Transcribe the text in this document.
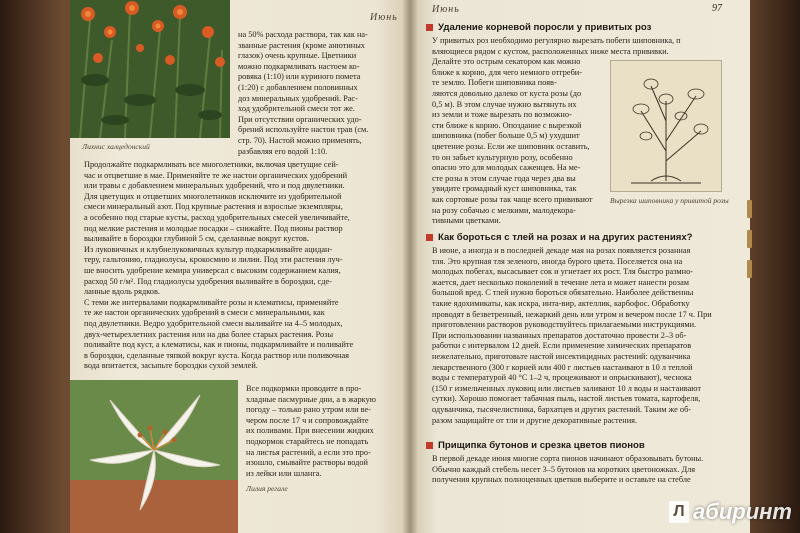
Лихнис халцедонский
Июнь
на 50% расхода раствора, так как на-
званные растения (кроме анютиных
глазок) очень крупные. Цветники
можно подкармливать настоем ко-
ровяка (1:10) или куриного помета
(1:20) с добавлением половинных
доз минеральных удобрений. Рас-
ход удобрительной смеси тот же.
При отсутствии органических удо-
брений используйте настои трав (см.
стр. 70). Настой можно применять,
разбавляя его водой 1:10.
Продолжайте подкармливать все многолетники, включая цветущие сей-
час и отцветшие в мае. Применяйте те же настои органических удобрений
или травы с добавлением минеральных удобрений, что и под двулетники.
Для цветущих и отцветших многолетников исключите из удобрительной
смеси минеральный азот. Под крупные растения и взрослые экземпляры,
а особенно под старые кусты, расход удобрительных смесей увеличивайте,
под мелкие растения и молодые посадки – снижайте. Под пионы раствор
выливайте в бороздки глубиной 5 см, сделанные вокруг кустов.
Из луковичных и клубнелуковичных культур подкармливайте ацидан-
теру, гальтонию, гладиолусы, крокосмию и лилии. Под эти растения луч-
ше вносить удобрение кемира универсал с высоким содержанием калия,
расход 50 г/м². Под гладиолусы удобрения выливайте в бороздки, сде-
ланные вдоль рядков.
С теми же интервалами подкармливайте розы и клематисы, применяйте
те же настои органических удобрений в смеси с минеральными, как
под двулетники. Ведро удобрительной смеси выливайте на 4–5 молодых,
двух-четырехлетних растения или на два более старых растения. Розы
поливайте под куст, а клематисы, как и пионы, подкармливайте и поливайте
в бороздки, сделанные тяпкой вокруг куста. Когда раствор или поливочная
вода впитается, засыпьте бороздки сухой землей.
Все подкормки проводите в про-
хладные пасмурные дни, а в жаркую
погоду – только рано утром или ве-
чером после 17 ч и сопровождайте
их поливами. При внесении жидких
подкормок старайтесь не попадать
на листья растений, а если это про-
изошло, смывайте растворы водой
из лейки или шланга.
Лилия регале
Июнь	97
Удаление корневой поросли у привитых роз
У привитых роз необходимо регулярно вырезать побеги шиповника, п
вляющиеся рядом с кустом, расположенных ниже места прививки.
Делайте это острым секатором как можно
ближе к корню, для чего немного отгреби-
те землю. Побеги шиповника появ-
ляются довольно далеко от куста розы (до
0,5 м). В этом случае нужно вытянуть их
из земли и тоже вырезать по возможно-
сти ближе к корню. Опоздание с вырезкой
шиповника (побег больше 0,5 м) ухудшит
цветение розы. Если же шиповник оставить,
то он забьет культурную розу, особенно
опасно это для молодых саженцев. На ме-
сте розы в этом случае года через два вы
увидите громадный куст шиповника, так
как сортовые розы так чаще всего прививают
на розу собачью с мелкими, малодекора-
тивными цветками.
Вырезка шиповника у привитой розы
Как бороться с тлей на розах и на других растениях?
В июне, а иногда и в последней декаде мая на розах появляется розанная
тля. Это крупная тля зеленого, иногда бурого цвета. Поселяется она на
молодых побегах, высасывает сок и угнетает их рост. Тля быстро размно-
жается, дает несколько поколений в течение лета и может нанести розам
большой вред. С тлей нужно бороться обязательно. Наиболее действенны
такие ядохимикаты, как искра, инта-вир, актеллик, карбофос. Обработку
проводят в безветренный, нежаркий день или утром и вечером после 17 ч. При
приготовлении растворов руководствуйтесь прилагаемыми инструкциями.
При использовании названных препаратов достаточно провести 2–3 об-
работки с интервалом 12 дней. Если применение химических препаратов
нежелательно, приготовьте настой инсектицидных растений: одуванчика
лекарственного (300 г корней или 400 г листьев настаивают в 10 л теплой
воды с температурой 40 °С 1–2 ч, процеживают и опрыскивают), чеснока
(150 г измельченных луковиц или листьев заливают 10 л воды и настаивают
сутки). Хорошо помогает табачная пыль, настой листьев томата, картофеля,
одуванчика, тысячелистника, бархатцев и других растений. Таким же об-
разом защищайте от тли и другие декоративные растения.
Прищипка бутонов и срезка цветов пионов
В первой декаде июня многие сорта пионов начинают образовывать бутоны.
Обычно каждый стебель несет 3–5 бутонов на коротких цветоножках. Для
получения крупных полноценных цветков выберите и оставьте на стебле
Л абиринт
